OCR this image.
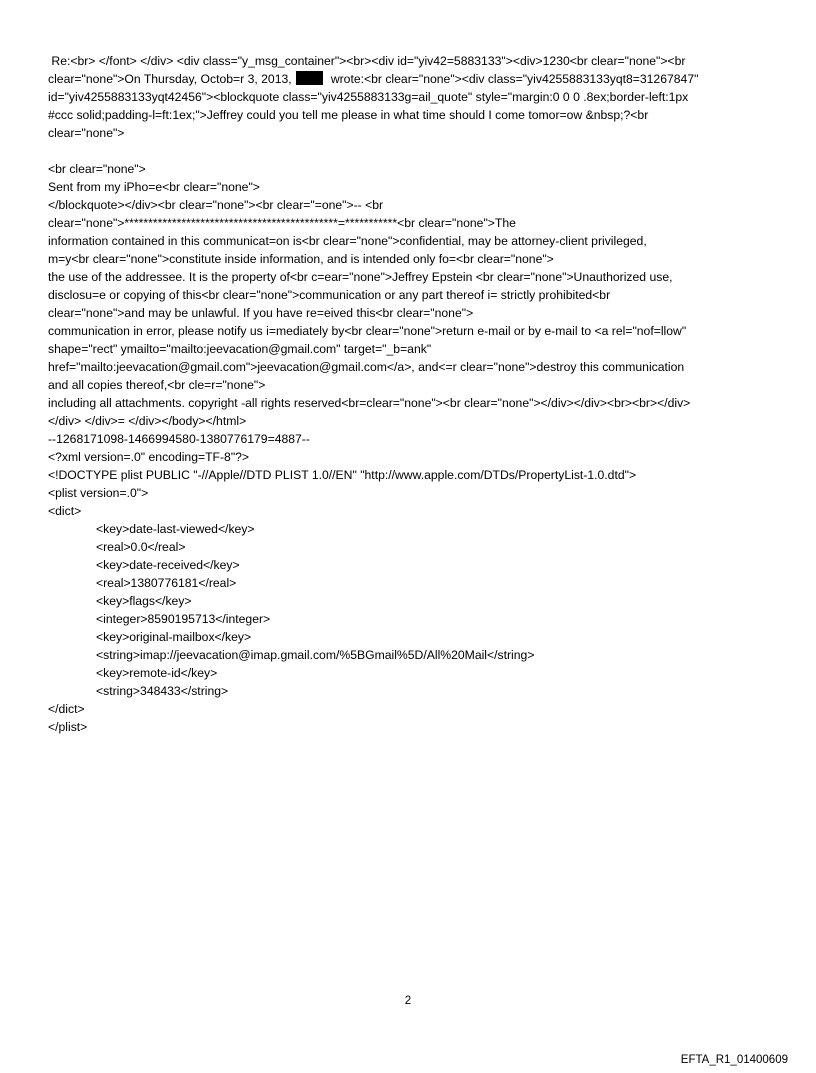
Re:<br> </font> </div> <div class="y_msg_container"><br><div id="yiv42=5883133"><div>1230<br clear="none"><br
clear="none">On Thursday, Octob=r 3, 2013,	wrote:<br clear="none"><div class="yiv4255883133yqt8=31267847"
id="yiv4255883133yqt42456"><blockquote class="yiv4255883133g=ail_quote" style="margin:0 0 0 .8ex;border-left:1px
#ccc solid;padding-l=ft:1ex;">Jeffrey could you tell me please in what time should I come tomor=ow &nbsp;?<br
clear="none">
<br clear="none">
Sent from my iPho=e<br clear="none">
</blockquote></div><br clear="none"><br clear="=one">-- <br
clear="none">*********************************************=***********<br clear="none">The
information contained in this communicat=on is<br clear="none">confidential, may be attorney-client privileged,
m=y<br clear="none">constitute inside information, and is intended only fo=<br clear="none">
the use of the addressee. It is the property of<br c=ear="none">Jeffrey Epstein <br clear="none">Unauthorized use,
disclosu=e or copying of this<br clear="none">communication or any part thereof i= strictly prohibited<br
clear="none">and may be unlawful. If you have re=eived this<br clear="none">
communication in error, please notify us i=mediately by<br clear="none">return e-mail or by e-mail to <a rel="nof=llow"
shape="rect" ymailto="mailto:jeevacation@gmail.com" target="_b=ank"
href="mailto:jeevacation@gmail.com">jeevacation@gmail.com</a>, and<=r clear="none">destroy this communication
and all copies thereof,<br cle=r="none">
including all attachments. copyright -all rights reserved<br=clear="none"><br clear="none"></div></div><br><br></div>
</div> </div>= </div></body></html>
--1268171098-1466994580-1380776179=4887--
<?xml version=.0" encoding=TF-8"?>
<!DOCTYPE plist PUBLIC "-//Apple//DTD PLIST 1.0//EN" "http://www.apple.com/DTDs/PropertyList-1.0.dtd">
<plist version=.0">
<dict>
<key>date-last-viewed</key>
<real>0.0</real>
<key>date-received</key>
<real>1380776181</real>
<key>flags</key>
<integer>8590195713</integer>
<key>original-mailbox</key>
<string>imap://jeevacation@imap.gmail.com/%5BGmail%5D/All%20Mail</string>
<key>remote-id</key>
<string>348433</string>
</dict>
</plist>
2
EFTA_R1_01400609
